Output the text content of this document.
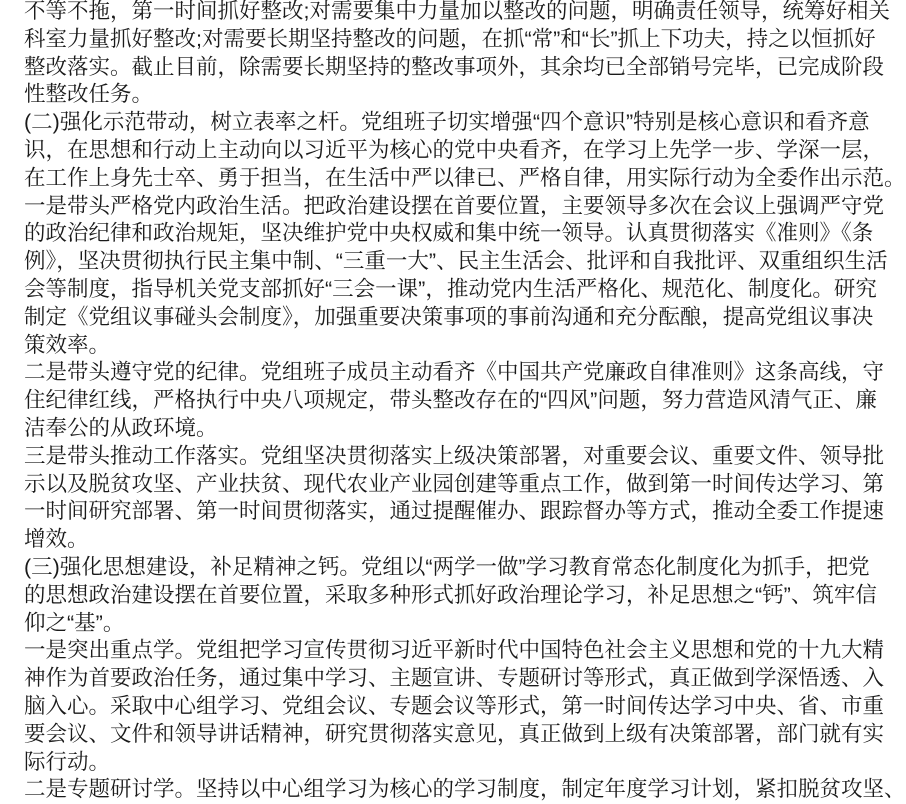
不等不拖，第一时间抓好整改;对需要集中力量加以整改的问题，明确责任领导，统筹好相关
科室力量抓好整改;对需要长期坚持整改的问题，在抓“常”和“长”抓上下功夫，持之以恒抓好
整改落实。截止目前，除需要长期坚持的整改事项外，其余均已全部销号完毕，已完成阶段
性整改任务。
(二)强化示范带动，树立表率之杆。党组班子切实增强“四个意识”特别是核心意识和看齐意
识，在思想和行动上主动向以习近平为核心的党中央看齐，在学习上先学一步、学深一层，
在工作上身先士卒、勇于担当，在生活中严以律已、严格自律，用实际行动为全委作出示范。
一是带头严格党内政治生活。把政治建设摆在首要位置，主要领导多次在会议上强调严守党
的政治纪律和政治规矩，坚决维护党中央权威和集中统一领导。认真贯彻落实《准则》《条
例》，坚决贯彻执行民主集中制、“三重一大”、民主生活会、批评和自我批评、双重组织生活
会等制度，指导机关党支部抓好“三会一课”，推动党内生活严格化、规范化、制度化。研究
制定《党组议事碰头会制度》，加强重要决策事项的事前沟通和充分酝酿，提高党组议事决
策效率。
二是带头遵守党的纪律。党组班子成员主动看齐《中国共产党廉政自律准则》这条高线，守
住纪律红线，严格执行中央八项规定，带头整改存在的“四风”问题，努力营造风清气正、廉
洁奉公的从政环境。
三是带头推动工作落实。党组坚决贯彻落实上级决策部署，对重要会议、重要文件、领导批
示以及脱贫攻坚、产业扶贫、现代农业产业园创建等重点工作，做到第一时间传达学习、第
一时间研究部署、第一时间贯彻落实，通过提醒催办、跟踪督办等方式，推动全委工作提速
增效。
(三)强化思想建设，补足精神之钙。党组以“两学一做”学习教育常态化制度化为抓手，把党
的思想政治建设摆在首要位置，采取多种形式抓好政治理论学习，补足思想之“钙”、筑牢信
仰之“基”。
一是突出重点学。党组把学习宣传贯彻习近平新时代中国特色社会主义思想和党的十九大精
神作为首要政治任务，通过集中学习、主题宣讲、专题研讨等形式，真正做到学深悟透、入
脑入心。采取中心组学习、党组会议、专题会议等形式，第一时间传达学习中央、省、市重
要会议、文件和领导讲话精神，研究贯彻落实意见，真正做到上级有决策部署，部门就有实
际行动。
二是专题研讨学。坚持以中心组学习为核心的学习制度，制定年度学习计划，紧扣脱贫攻坚、
